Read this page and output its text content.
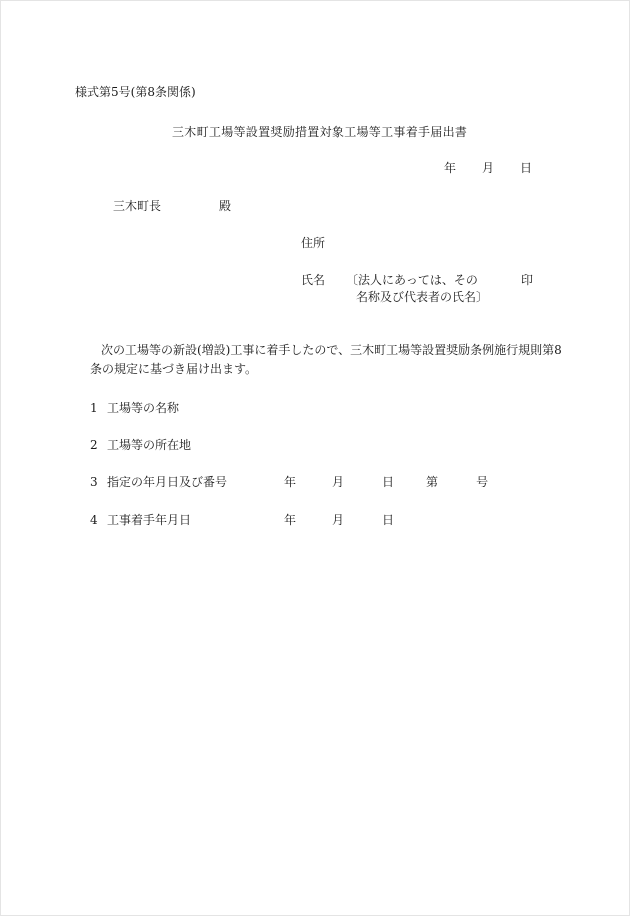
様式第5号(第8条関係)
三木町工場等設置奨励措置対象工場等工事着手届出書
年 月 日
三木町長	殿
住所
氏名 〔法人にあっては、その	印
名称及び代表者の氏名〕
次の工場等の新設(増設)工事に着手したので、三木町工場等設置奨励条例施行規則第8
条の規定に基づき届け出ます。
1 工場等の名称
2 工場等の所在地
3 指定の年月日及び番号	年	月	日	第	号
4 工事着手年月日	年	月	日
